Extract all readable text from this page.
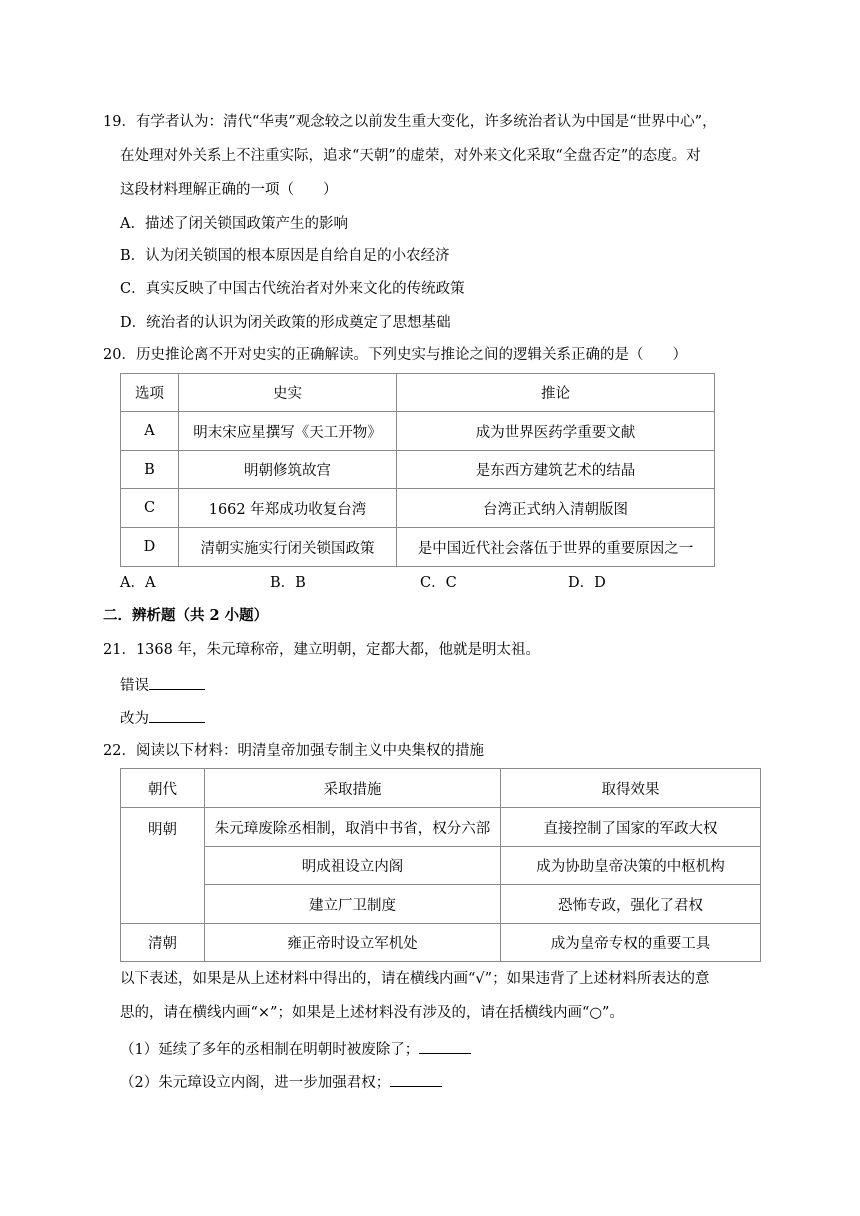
19．有学者认为：清代“华夷”观念较之以前发生重大变化，许多统治者认为中国是“世界中心”，
在处理对外关系上不注重实际，追求“天朝”的虚荣，对外来文化采取“全盘否定”的态度。对
这段材料理解正确的一项（　　）
A．描述了闭关锁国政策产生的影响
B．认为闭关锁国的根本原因是自给自足的小农经济
C．真实反映了中国古代统治者对外来文化的传统政策
D．统治者的认识为闭关政策的形成奠定了思想基础
20．历史推论离不开对史实的正确解读。下列史实与推论之间的逻辑关系正确的是（　　）
选项	史实	推论
A	明末宋应星撰写《天工开物》	成为世界医药学重要文献
B	明朝修筑故宫	是东西方建筑艺术的结晶
C	1662 年郑成功收复台湾	台湾正式纳入清朝版图
D	清朝实施实行闭关锁国政策	是中国近代社会落伍于世界的重要原因之一
A．A	B．B	C．C	D．D
二．辨析题（共 2 小题）
21．1368 年，朱元璋称帝，建立明朝，定都大都，他就是明太祖。
错误
改为
22．阅读以下材料：明清皇帝加强专制主义中央集权的措施
朝代	采取措施	取得效果
明朝	朱元璋废除丞相制，取消中书省，权分六部	直接控制了国家的军政大权
	明成祖设立内阁	成为协助皇帝决策的中枢机构
	建立厂卫制度	恐怖专政，强化了君权
清朝	雍正帝时设立军机处	成为皇帝专权的重要工具
以下表述，如果是从上述材料中得出的，请在横线内画“√”；如果违背了上述材料所表达的意
思的，请在横线内画“×”；如果是上述材料没有涉及的，请在括横线内画“○”。
（1）延续了多年的丞相制在明朝时被废除了；
（2）朱元璋设立内阁，进一步加强君权；
